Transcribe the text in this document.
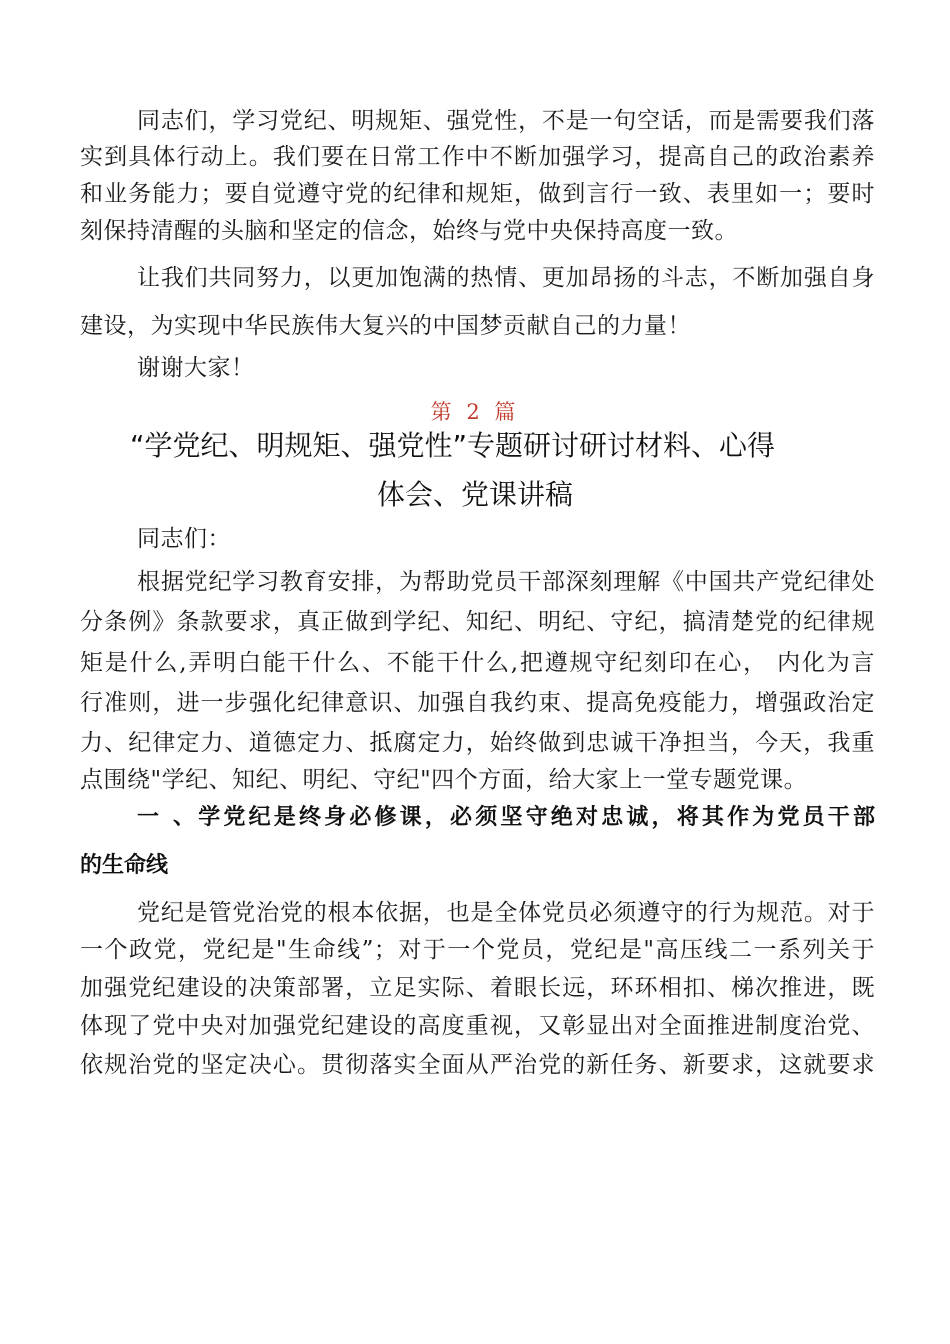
同志们，学习党纪、明规矩、强党性，不是一句空话，而是需要我们落
实到具体行动上。我们要在日常工作中不断加强学习，提高自己的政治素养
和业务能力；要自觉遵守党的纪律和规矩，做到言行一致、表里如一；要时
刻保持清醒的头脑和坚定的信念，始终与党中央保持高度一致。
让我们共同努力，以更加饱满的热情、更加昂扬的斗志，不断加强自身
建设，为实现中华民族伟大复兴的中国梦贡献自己的力量！
谢谢大家！
第 2 篇
“学党纪、明规矩、强党性”专题研讨研讨材料、心得
体会、党课讲稿
同志们：
根据党纪学习教育安排，为帮助党员干部深刻理解《中国共产党纪律处
分条例》条款要求，真正做到学纪、知纪、明纪、守纪，搞清楚党的纪律规
矩是什么,弄明白能干什么、不能干什么,把遵规守纪刻印在心， 内化为言
行准则，进一步强化纪律意识、加强自我约束、提高免疫能力，增强政治定
力、纪律定力、道德定力、抵腐定力，始终做到忠诚干净担当，今天，我重
点围绕"学纪、知纪、明纪、守纪"四个方面，给大家上一堂专题党课。
一 、学党纪是终身必修课，必须坚守绝对忠诚，将其作为党员干部
的生命线
党纪是管党治党的根本依据，也是全体党员必须遵守的行为规范。对于
一个政党，党纪是"生命线”；对于一个党员，党纪是"高压线二一系列关于
加强党纪建设的决策部署，立足实际、着眼长远，环环相扣、梯次推进，既
体现了党中央对加强党纪建设的高度重视，又彰显出对全面推进制度治党、
依规治党的坚定决心。贯彻落实全面从严治党的新任务、新要求，这就要求
